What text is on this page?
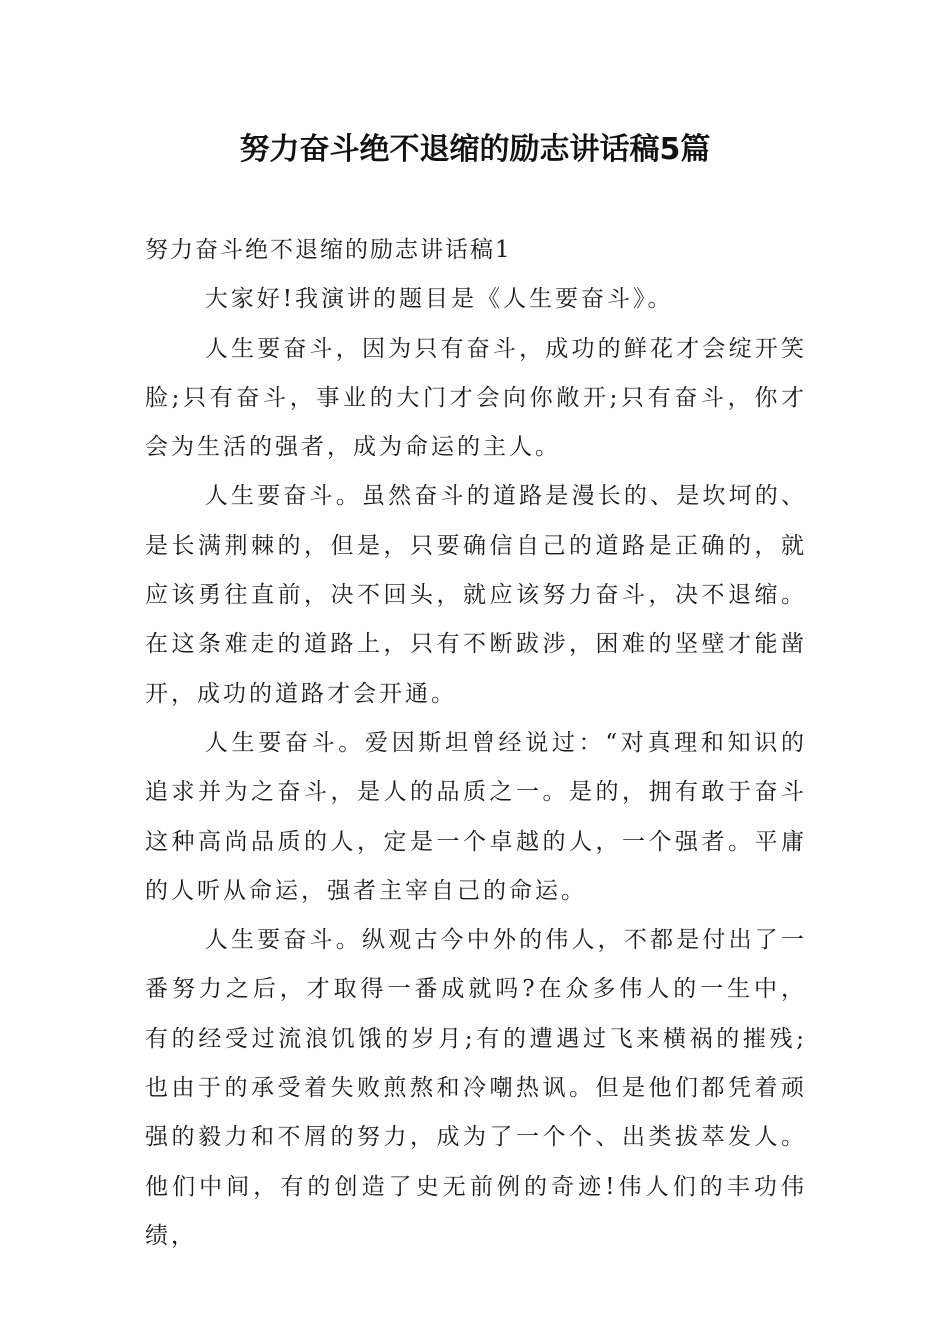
努力奋斗绝不退缩的励志讲话稿5篇

努力奋斗绝不退缩的励志讲话稿1

大家好!我演讲的题目是《人生要奋斗》。

人生要奋斗，因为只有奋斗，成功的鲜花才会绽开笑脸;只有奋斗，事业的大门才会向你敞开;只有奋斗，你才会为生活的强者，成为命运的主人。

人生要奋斗。虽然奋斗的道路是漫长的、是坎坷的、是长满荆棘的，但是，只要确信自己的道路是正确的，就应该勇往直前，决不回头，就应该努力奋斗，决不退缩。在这条难走的道路上，只有不断跋涉，困难的坚壁才能凿开，成功的道路才会开通。

人生要奋斗。爱因斯坦曾经说过：“对真理和知识的追求并为之奋斗，是人的品质之一。是的，拥有敢于奋斗这种高尚品质的人，定是一个卓越的人，一个强者。平庸的人听从命运，强者主宰自己的命运。

人生要奋斗。纵观古今中外的伟人，不都是付出了一番努力之后，才取得一番成就吗?在众多伟人的一生中，有的经受过流浪饥饿的岁月;有的遭遇过飞来横祸的摧残;也由于的承受着失败煎熬和冷嘲热讽。但是他们都凭着顽强的毅力和不屑的努力，成为了一个个、出类拔萃发人。他们中间，有的创造了史无前例的奇迹!伟人们的丰功伟绩，
